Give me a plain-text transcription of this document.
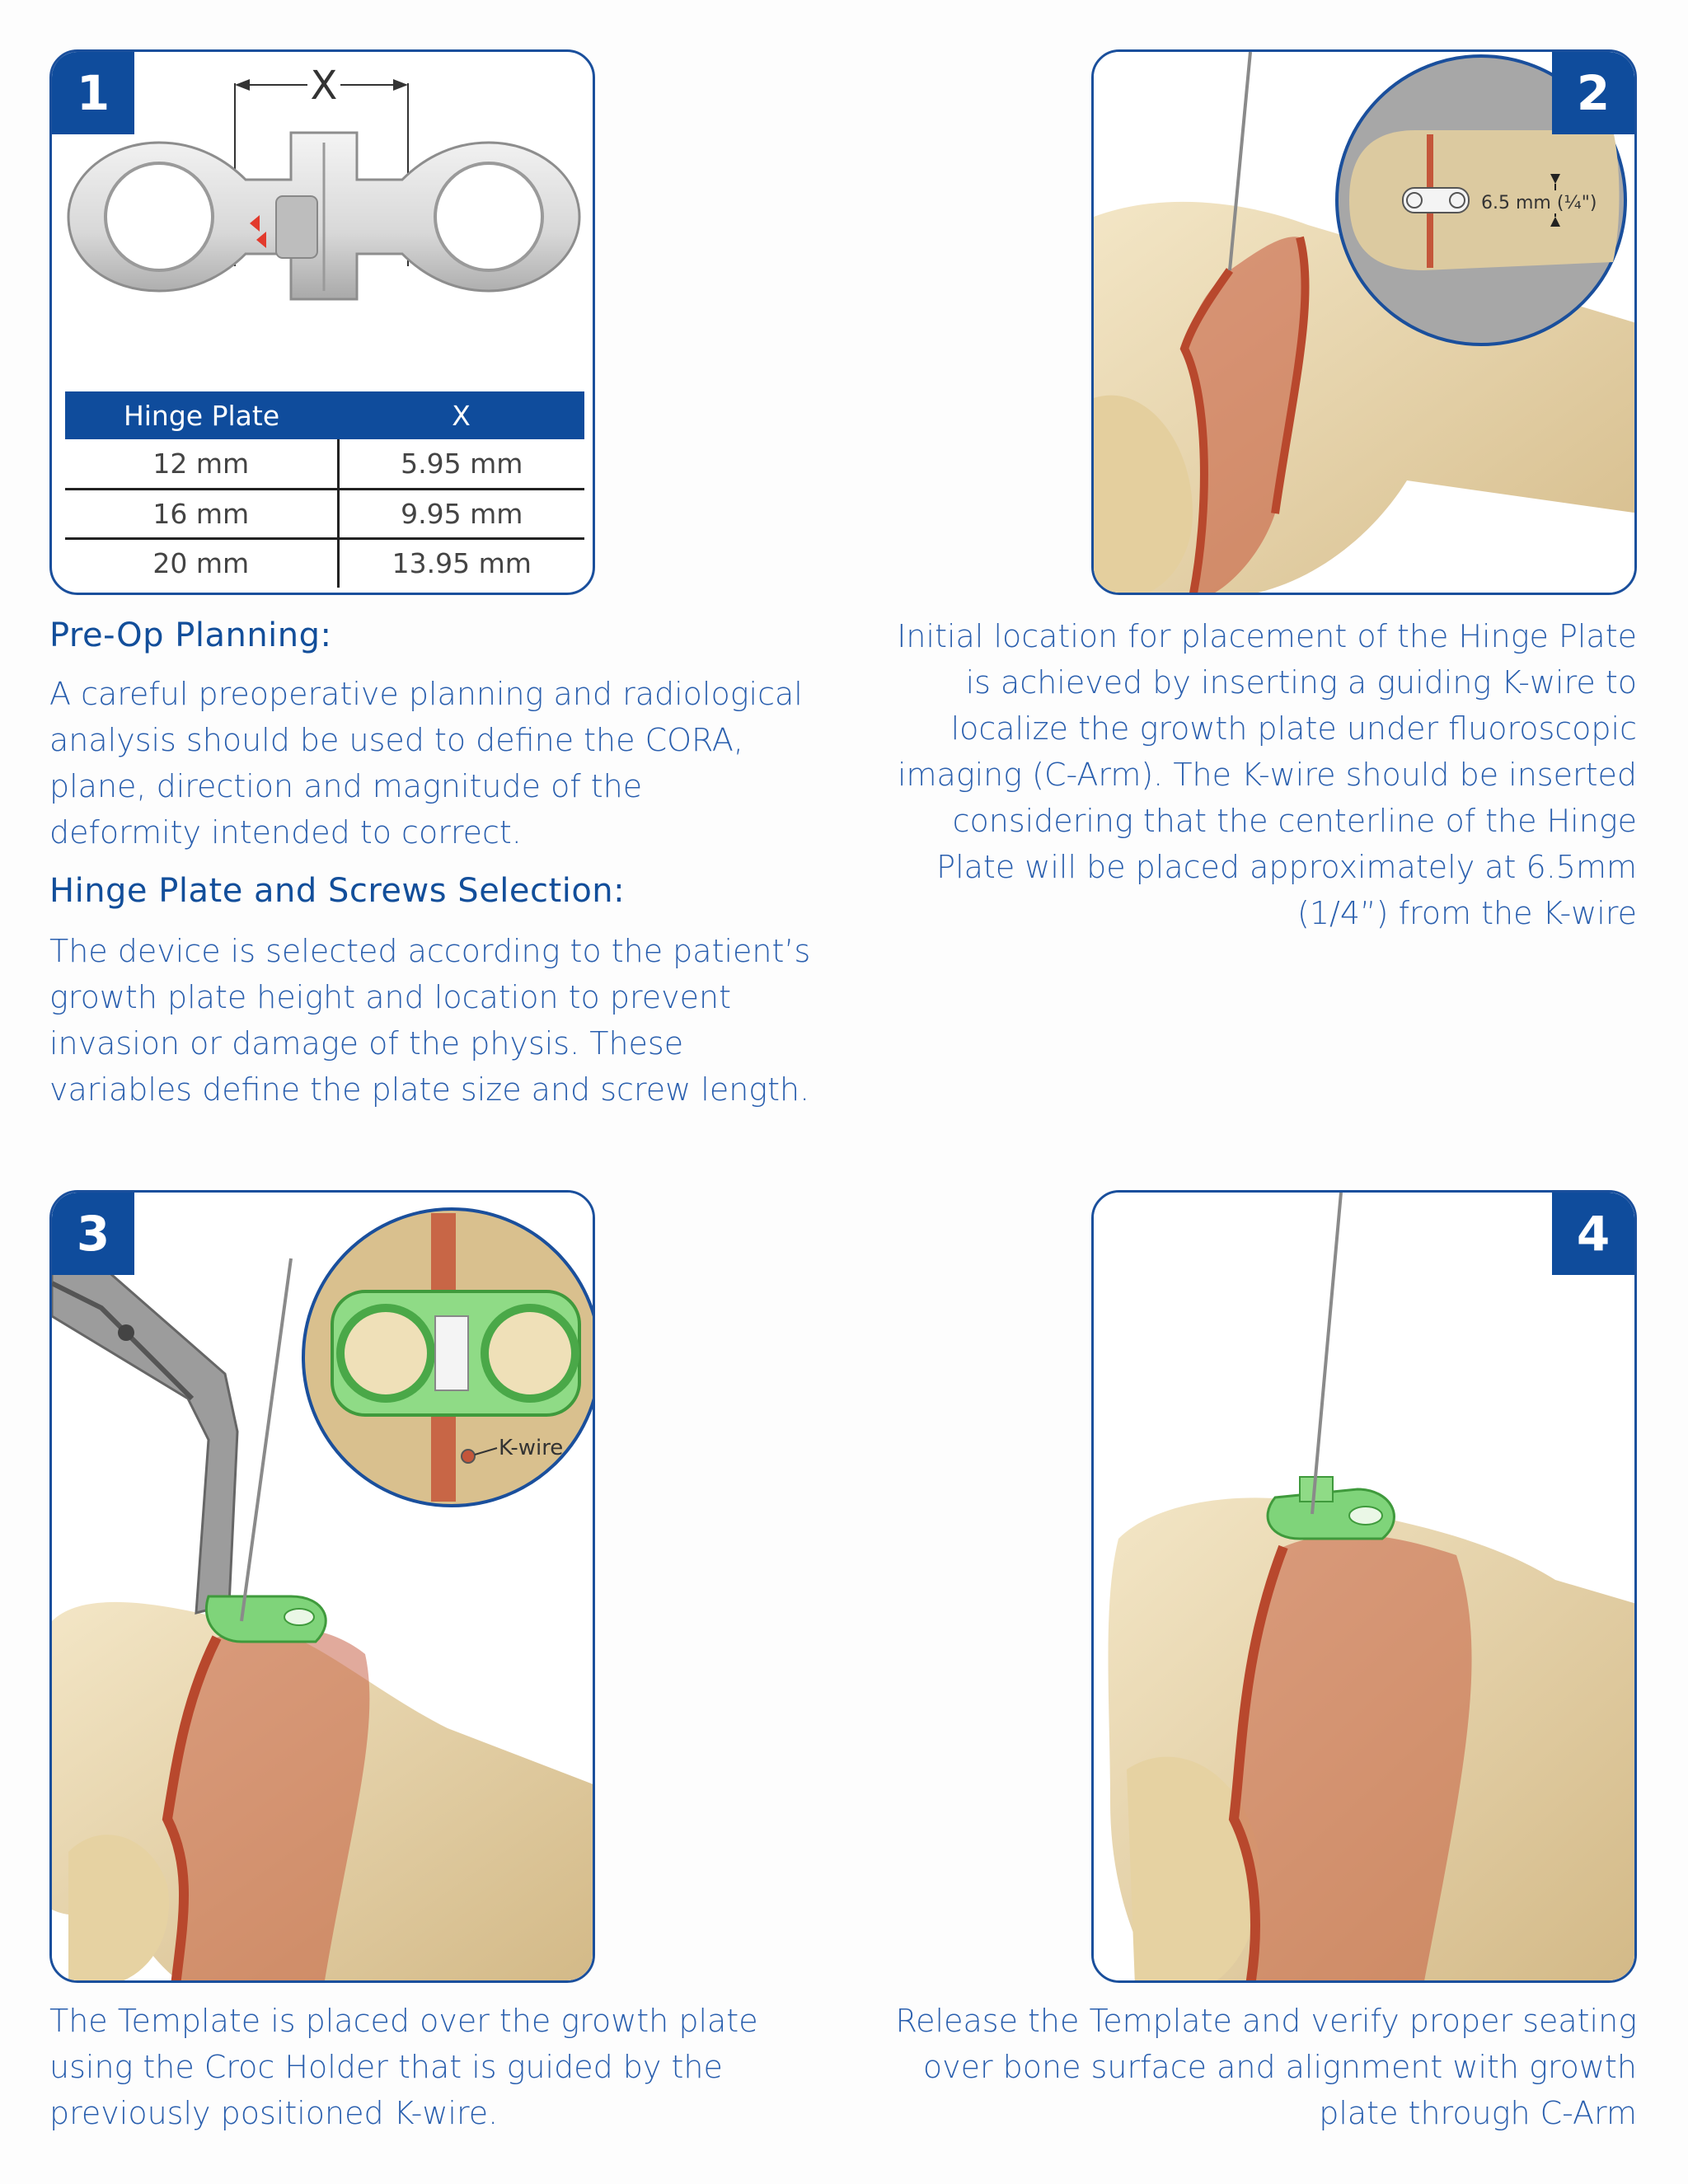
1	X
Hinge Plate	X
12 mm	5.95 mm
16 mm	9.95 mm
20 mm	13.95 mm
6.5 mm (¼")
2
Pre-Op Planning:
A careful preoperative planning and radiological
analysis should be used to define the CORA,
plane, direction and magnitude of the
deformity intended to correct.
Hinge Plate and Screws Selection:
The device is selected according to the patient’s
growth plate height and location to prevent
invasion or damage of the physis. These
variables define the plate size and screw length.
Initial location for placement of the Hinge Plate
is achieved by inserting a guiding K-wire to
localize the growth plate under fluoroscopic
imaging (C-Arm). The K-wire should be inserted
considering that the centerline of the Hinge
Plate will be placed approximately at 6.5mm
(1/4”) from the K-wire
K-wire
3	4
The Template is placed over the growth plate
using the Croc Holder that is guided by the
previously positioned K-wire.
Release the Template and verify proper seating
over bone surface and alignment with growth
plate through C-Arm
